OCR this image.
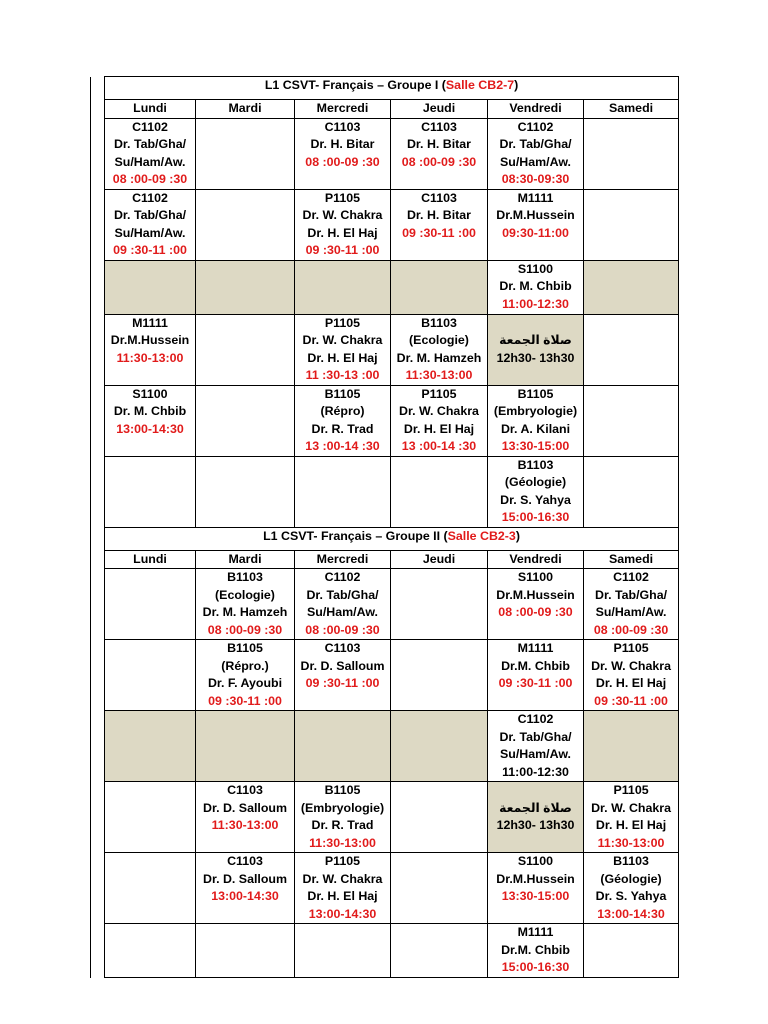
	L1 CSVT- Français – Groupe I (Salle CB2-7)					
	Lundi	Mardi	Mercredi	Jeudi	Vendredi	Samedi

	C1102
Dr. Tab/Gha/
Su/Ham/Aw.
08 :00-09 :30		C1103
Dr. H. Bitar
08 :00-09 :30	C1103
Dr. H. Bitar
08 :00-09 :30	C1102
Dr. Tab/Gha/
Su/Ham/Aw.
08:30-09:30	

	C1102
Dr. Tab/Gha/
Su/Ham/Aw.
09 :30-11 :00		P1105
Dr. W. Chakra
Dr. H. El Haj
09 :30-11 :00	C1103
Dr. H. Bitar
09 :30-11 :00	M1111
Dr.M.Hussein
09:30-11:00	

					S1100
Dr. M. Chbib
11:00-12:30	

	M1111
Dr.M.Hussein
11:30-13:00		P1105
Dr. W. Chakra
Dr. H. El Haj
11 :30-13 :00	B1103
(Ecologie)
Dr. M. Hamzeh
11:30-13:00	صلاة الجمعة
12h30- 13h30	

	S1100
Dr. M. Chbib
13:00-14:30		B1105
(Répro)
Dr. R. Trad
13 :00-14 :30	P1105
Dr. W. Chakra
Dr. H. El Haj
13 :00-14 :30	B1105
(Embryologie)
Dr. A. Kilani
13:30-15:00	

					B1103
(Géologie)
Dr. S. Yahya
15:00-16:30	

	L1 CSVT- Français – Groupe II (Salle CB2-3)					
	Lundi	Mardi	Mercredi	Jeudi	Vendredi	Samedi

		B1103
(Ecologie)
Dr. M. Hamzeh
08 :00-09 :30	C1102
Dr. Tab/Gha/
Su/Ham/Aw.
08 :00-09 :30		S1100
Dr.M.Hussein
08 :00-09 :30	C1102
Dr. Tab/Gha/
Su/Ham/Aw.
08 :00-09 :30

		B1105
(Répro.)
Dr. F. Ayoubi
09 :30-11 :00	C1103
Dr. D. Salloum
09 :30-11 :00		M1111
Dr.M. Chbib
09 :30-11 :00	P1105
Dr. W. Chakra
Dr. H. El Haj
09 :30-11 :00

					C1102
Dr. Tab/Gha/
Su/Ham/Aw.
11:00-12:30	

		C1103
Dr. D. Salloum
11:30-13:00	B1105
(Embryologie)
Dr. R. Trad
11:30-13:00		صلاة الجمعة
12h30- 13h30	P1105
Dr. W. Chakra
Dr. H. El Haj
11:30-13:00

		C1103
Dr. D. Salloum
13:00-14:30	P1105
Dr. W. Chakra
Dr. H. El Haj
13:00-14:30		S1100
Dr.M.Hussein
13:30-15:00	B1103
(Géologie)
Dr. S. Yahya
13:00-14:30

					M1111
Dr.M. Chbib
15:00-16:30	
